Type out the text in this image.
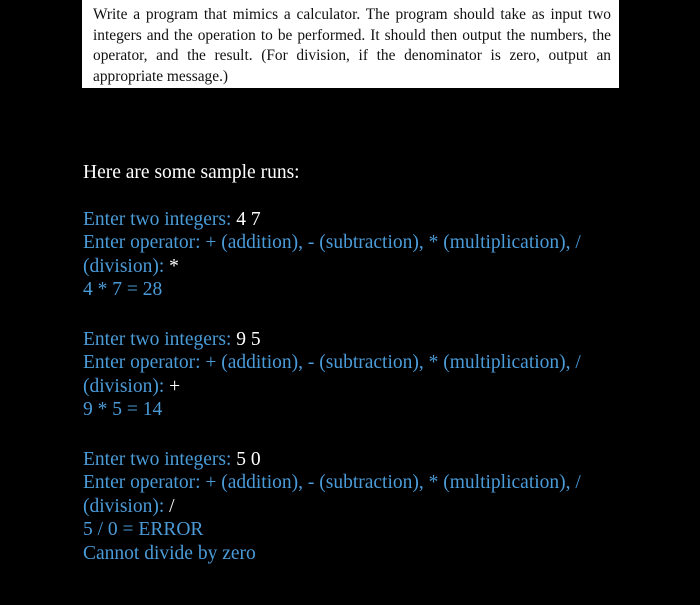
Write a program that mimics a calculator. The program should take as input two integers and the operation to be performed. It should then output the numbers, the operator, and the result. (For division, if the denominator is zero, output an appropriate message.)
Here are some sample runs:
Enter two integers: 4 7
Enter operator: + (addition), - (subtraction), * (multiplication), /
(division): *
4 * 7 = 28
Enter two integers: 9 5
Enter operator: + (addition), - (subtraction), * (multiplication), /
(division): +
9 * 5 = 14
Enter two integers: 5 0
Enter operator: + (addition), - (subtraction), * (multiplication), /
(division): /
5 / 0 = ERROR
Cannot divide by zero
